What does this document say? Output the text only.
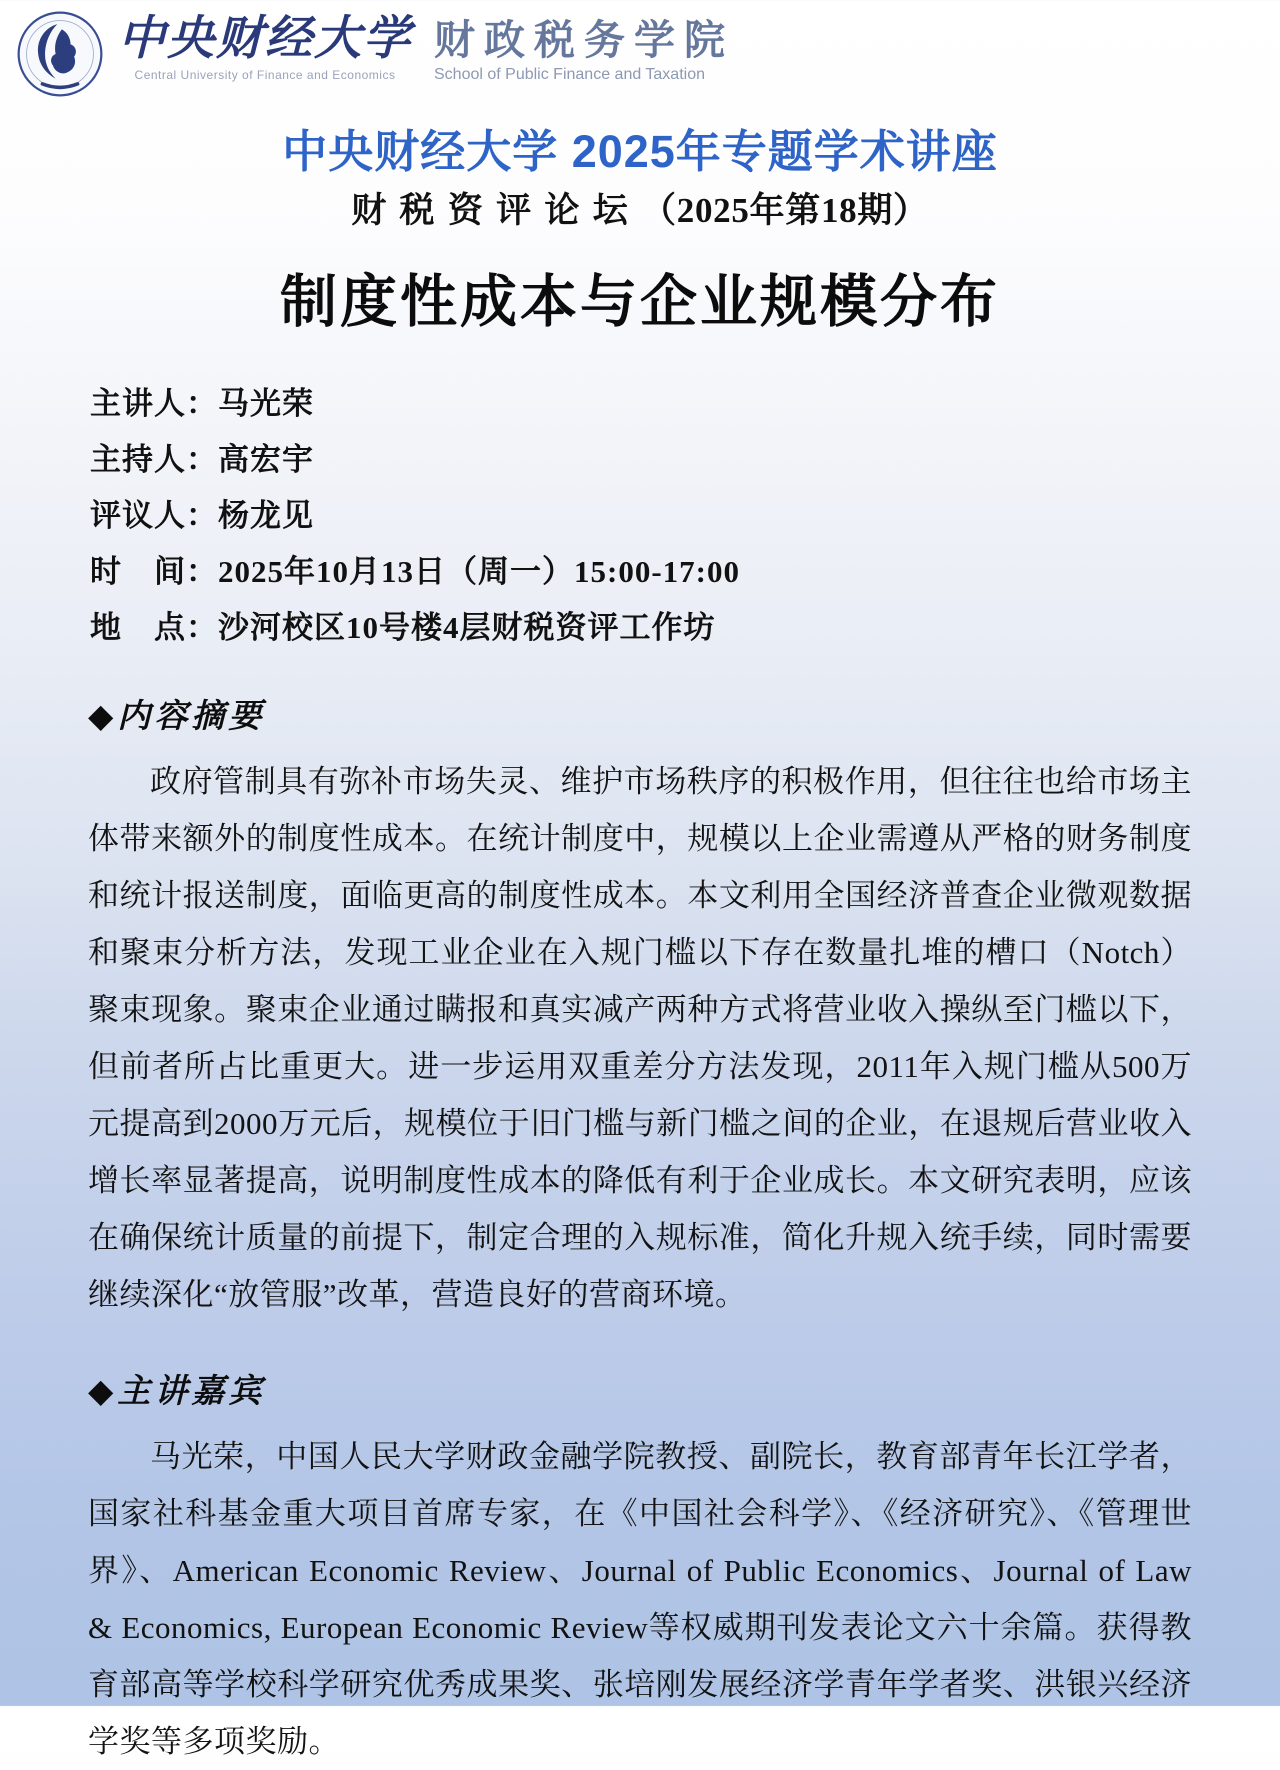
中央财经大学
Central University of Finance and Economics
财政税务学院
School of Public Finance and Taxation
中央财经大学 2025年专题学术讲座
财税资评论坛（2025年第18期）
制度性成本与企业规模分布
主讲人：马光荣
主持人：高宏宇
评议人：杨龙见
时　间：2025年10月13日（周一）15:00-17:00
地　点：沙河校区10号楼4层财税资评工作坊
◆内容摘要
政府管制具有弥补市场失灵、维护市场秩序的积极作用，但往往也给市场主体带来额外的制度性成本。在统计制度中，规模以上企业需遵从严格的财务制度和统计报送制度，面临更高的制度性成本。本文利用全国经济普查企业微观数据和聚束分析方法，发现工业企业在入规门槛以下存在数量扎堆的槽口（Notch）聚束现象。聚束企业通过瞒报和真实减产两种方式将营业收入操纵至门槛以下，但前者所占比重更大。进一步运用双重差分方法发现，2011年入规门槛从500万元提高到2000万元后，规模位于旧门槛与新门槛之间的企业，在退规后营业收入增长率显著提高，说明制度性成本的降低有利于企业成长。本文研究表明，应该在确保统计质量的前提下，制定合理的入规标准，简化升规入统手续，同时需要继续深化“放管服”改革，营造良好的营商环境。
◆主讲嘉宾
马光荣，中国人民大学财政金融学院教授、副院长，教育部青年长江学者，国家社科基金重大项目首席专家，在《中国社会科学》、《经济研究》、《管理世界》、American Economic Review、Journal of Public Economics、Journal of Law & Economics, European Economic Review等权威期刊发表论文六十余篇。获得教育部高等学校科学研究优秀成果奖、张培刚发展经济学青年学者奖、洪银兴经济学奖等多项奖励。
